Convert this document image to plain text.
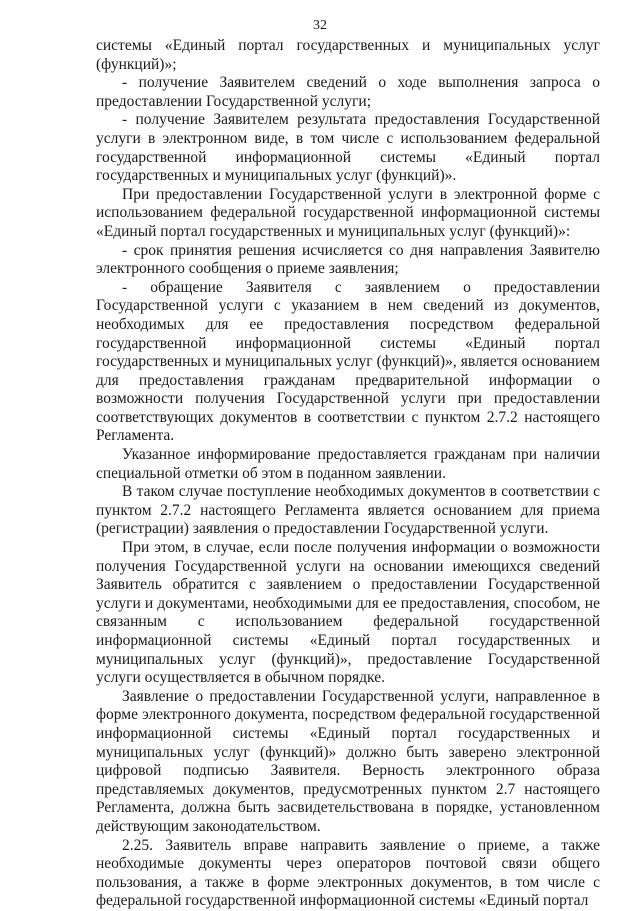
32

системы «Единый портал государственных и муниципальных услуг (функций)»;

- получение Заявителем сведений о ходе выполнения запроса о предоставлении Государственной услуги;

- получение Заявителем результата предоставления Государственной услуги в электронном виде, в том числе с использованием федеральной государственной информационной системы «Единый портал государственных и муниципальных услуг (функций)».

При предоставлении Государственной услуги в электронной форме с использованием федеральной государственной информационной системы «Единый портал государственных и муниципальных услуг (функций)»:

- срок принятия решения исчисляется со дня направления Заявителю электронного сообщения о приеме заявления;

- обращение Заявителя с заявлением о предоставлении Государственной услуги с указанием в нем сведений из документов, необходимых для ее предоставления посредством федеральной государственной информационной системы «Единый портал государственных и муниципальных услуг (функций)», является основанием для предоставления гражданам предварительной информации о возможности получения Государственной услуги при предоставлении соответствующих документов в соответствии с пунктом 2.7.2 настоящего Регламента.

Указанное информирование предоставляется гражданам при наличии специальной отметки об этом в поданном заявлении.

В таком случае поступление необходимых документов в соответствии с пунктом 2.7.2 настоящего Регламента является основанием для приема (регистрации) заявления о предоставлении Государственной услуги.

При этом, в случае, если после получения информации о возможности получения Государственной услуги на основании имеющихся сведений Заявитель обратится с заявлением о предоставлении Государственной услуги и документами, необходимыми для ее предоставления, способом, не связанным с использованием федеральной государственной информационной системы «Единый портал государственных и муниципальных услуг (функций)», предоставление Государственной услуги осуществляется в обычном порядке.

Заявление о предоставлении Государственной услуги, направленное в форме электронного документа, посредством федеральной государственной информационной системы «Единый портал государственных и муниципальных услуг (функций)» должно быть заверено электронной цифровой подписью Заявителя. Верность электронного образа представляемых документов, предусмотренных пунктом 2.7 настоящего Регламента, должна быть засвидетельствована в порядке, установленном действующим законодательством.

2.25. Заявитель вправе направить заявление о приеме, а также необходимые документы через операторов почтовой связи общего пользования, а также в форме электронных документов, в том числе с федеральной государственной информационной системы «Единый портал
